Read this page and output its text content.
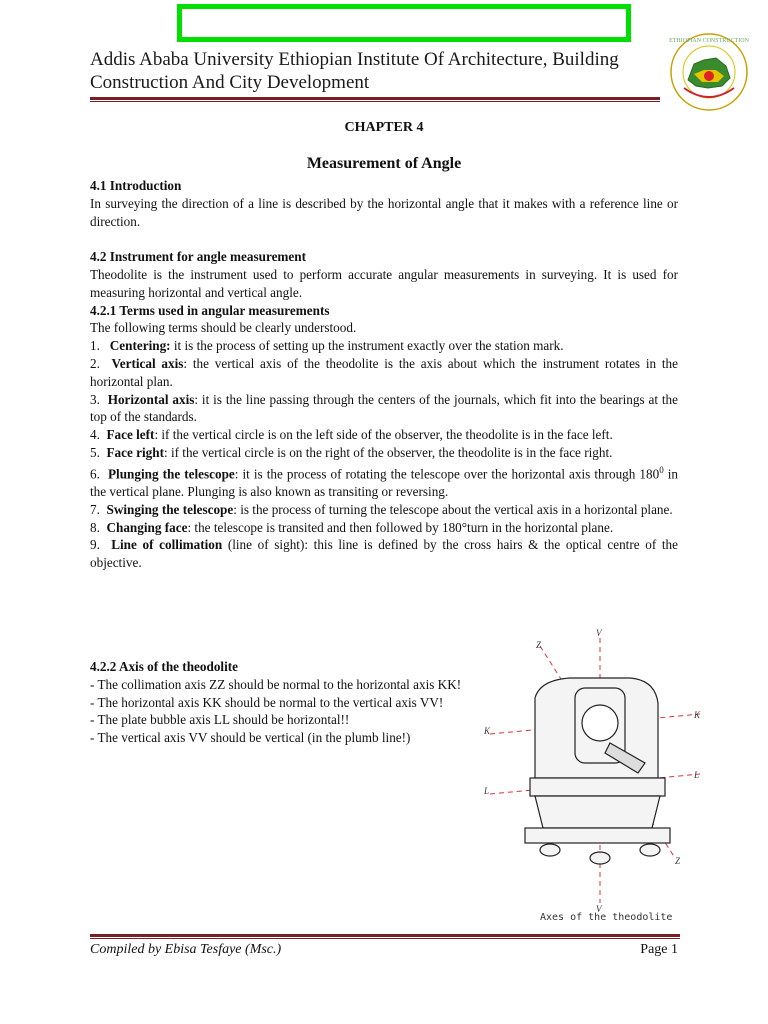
Addis Ababa University Ethiopian Institute Of Architecture, Building Construction And City Development
ETHIOPIAN CONSTRUCTION
CHAPTER 4
Measurement of Angle

4.1 Introduction

In surveying the direction of a line is described by the horizontal angle that it makes with a reference line or direction.

4.2 Instrument for angle measurement

Theodolite is the instrument used to perform accurate angular measurements in surveying. It is used for measuring horizontal and vertical angle.

4.2.1 Terms used in angular measurements

The following terms should be clearly understood.

1. Centering: it is the process of setting up the instrument exactly over the station mark.

2. Vertical axis: the vertical axis of the theodolite is the axis about which the instrument rotates in the horizontal plan.

3. Horizontal axis: it is the line passing through the centers of the journals, which fit into the bearings at the top of the standards.

4. Face left: if the vertical circle is on the left side of the observer, the theodolite is in the face left.

5. Face right: if the vertical circle is on the right of the observer, the theodolite is in the face right.

6. Plunging the telescope: it is the process of rotating the telescope over the horizontal axis through $180^0$ in the vertical plane. Plunging is also known as transiting or reversing.

7. Swinging the telescope: is the process of turning the telescope about the vertical axis in a horizontal plane.

8. Changing face: the telescope is transited and then followed by 180°turn in the horizontal plane.

9. Line of collimation (line of sight): this line is defined by the cross hairs & the optical centre of the objective.

4.2.2 Axis of the theodolite

- The collimation axis ZZ should be normal to the horizontal axis KK!

- The horizontal axis KK should be normal to the vertical axis VV!

- The plate bubble axis LL should be horizontal!!

- The vertical axis VV should be vertical (in the plumb line!)

Z
V
K
K
L
L
Z
V
Axes of the theodolite
Compiled by Ebisa Tesfaye (Msc.)	Page 1
